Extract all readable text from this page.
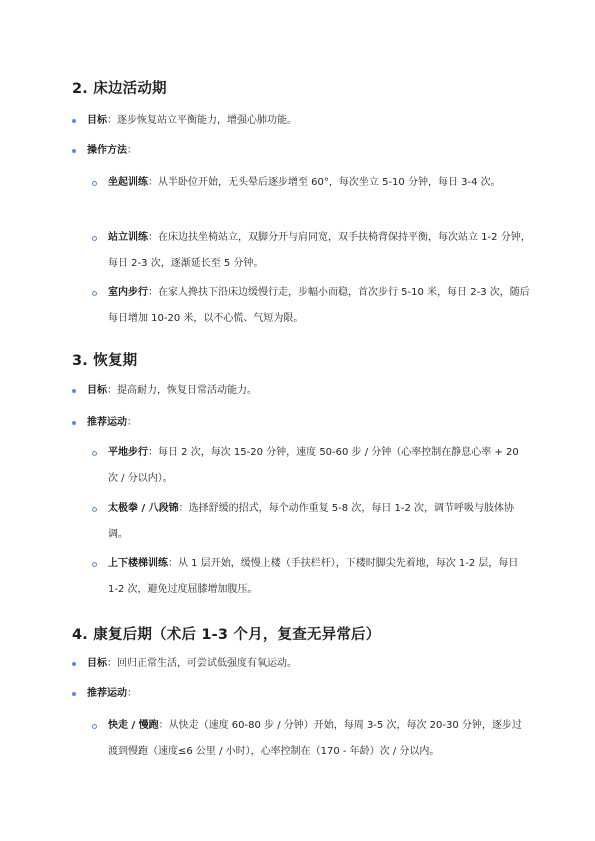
2. 床边活动期
目标：逐步恢复站立平衡能力，增强心肺功能。
操作方法：
坐起训练：从半卧位开始，无头晕后逐步增至 60°，每次坐立 5-10 分钟，每日 3-4 次。
站立训练：在床边扶坐椅站立，双脚分开与肩同宽，双手扶椅背保持平衡，每次站立 1-2 分钟，每日 2-3 次，逐渐延长至 5 分钟。
室内步行：在家人搀扶下沿床边缓慢行走，步幅小而稳，首次步行 5-10 米，每日 2-3 次，随后每日增加 10-20 米，以不心慌、气短为限。
3. 恢复期
目标：提高耐力，恢复日常活动能力。
推荐运动：
平地步行：每日 2 次，每次 15-20 分钟，速度 50-60 步 / 分钟（心率控制在静息心率 + 20 次 / 分以内）。
太极拳 / 八段锦：选择舒缓的招式，每个动作重复 5-8 次，每日 1-2 次，调节呼吸与肢体协调。
上下楼梯训练：从 1 层开始，缓慢上楼（手扶栏杆），下楼时脚尖先着地，每次 1-2 层，每日 1-2 次，避免过度屈膝增加腹压。
4. 康复后期（术后 1-3 个月，复查无异常后）
目标：回归正常生活，可尝试低强度有氧运动。
推荐运动：
快走 / 慢跑：从快走（速度 60-80 步 / 分钟）开始，每周 3-5 次，每次 20-30 分钟，逐步过渡到慢跑（速度≤6 公里 / 小时），心率控制在（170 - 年龄）次 / 分以内。
